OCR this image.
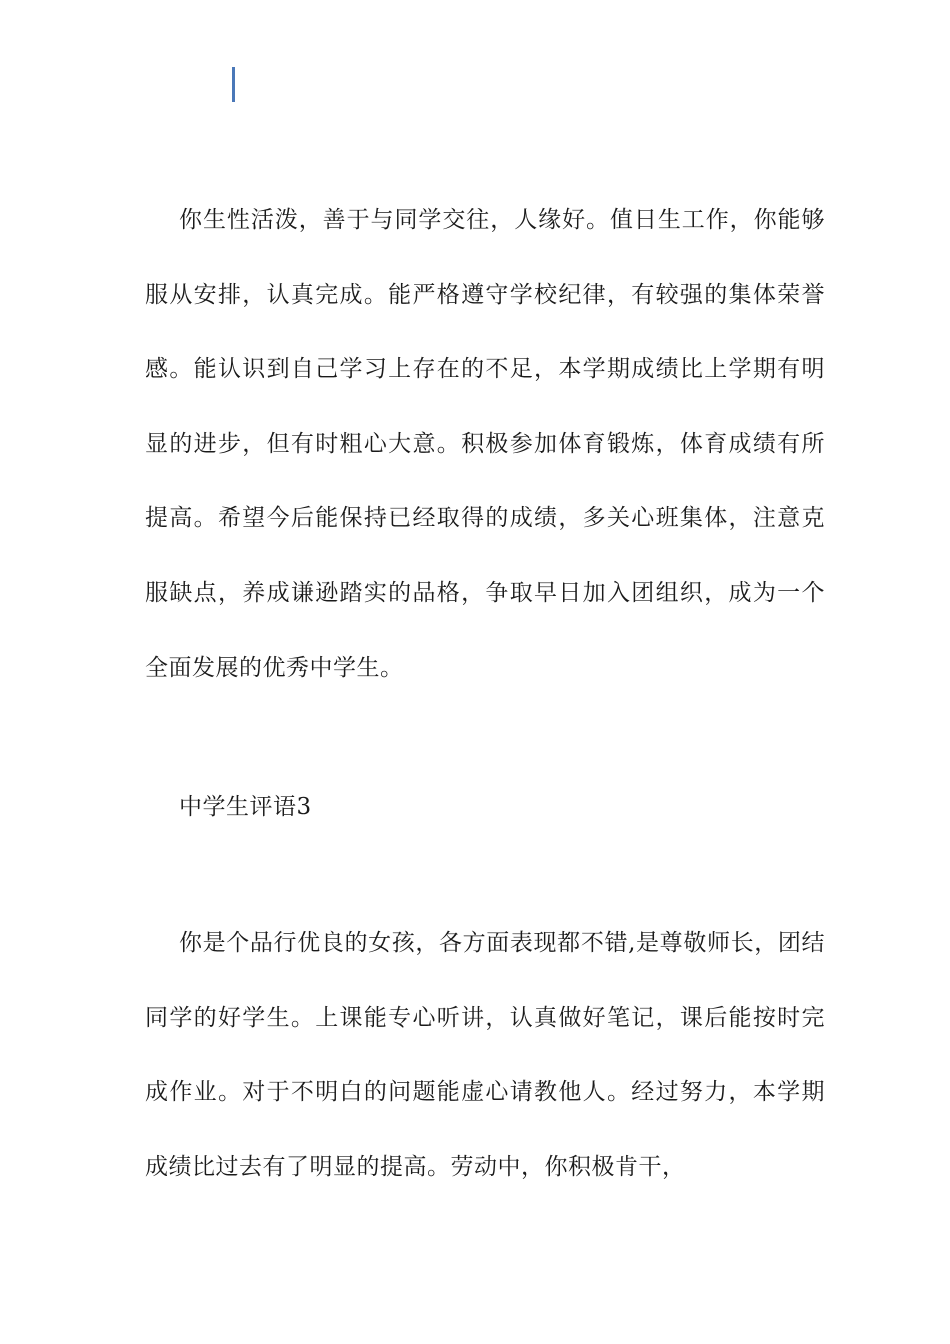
你生性活泼，善于与同学交往，人缘好。值日生工作，你能够服从安排，认真完成。能严格遵守学校纪律，有较强的集体荣誉感。能认识到自己学习上存在的不足，本学期成绩比上学期有明显的进步，但有时粗心大意。积极参加体育锻炼，体育成绩有所提高。希望今后能保持已经取得的成绩，多关心班集体，注意克服缺点，养成谦逊踏实的品格，争取早日加入团组织，成为一个全面发展的优秀中学生。

中学生评语3

你是个品行优良的女孩，各方面表现都不错,是尊敬师长，团结同学的好学生。上课能专心听讲，认真做好笔记，课后能按时完成作业。对于不明白的问题能虚心请教他人。经过努力，本学期成绩比过去有了明显的提高。劳动中，你积极肯干，
